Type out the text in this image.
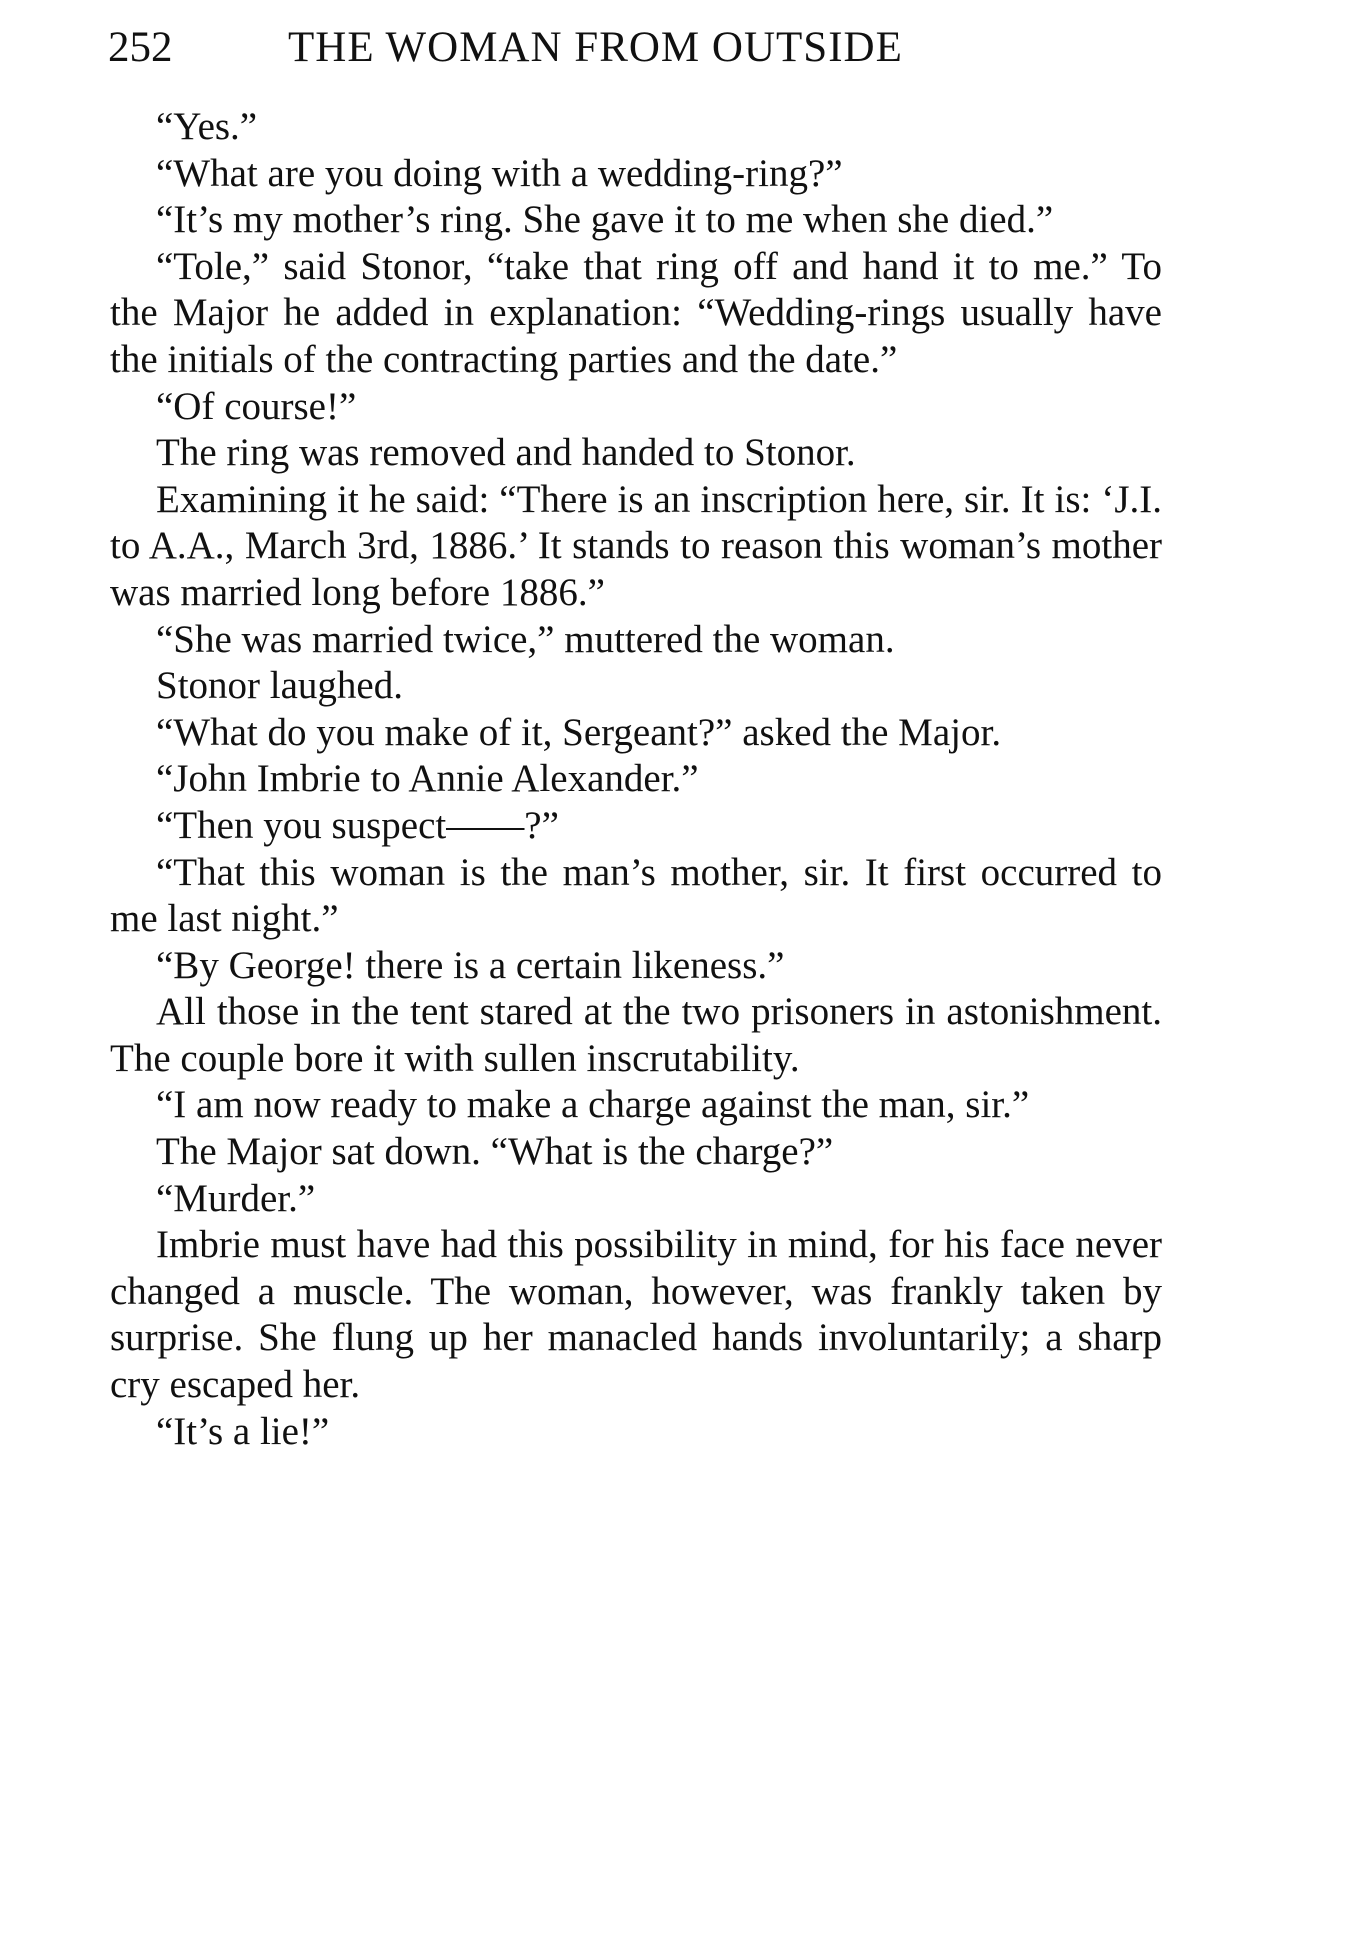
252	THE WOMAN FROM OUTSIDE

“Yes.”

“What are you doing with a wedding-ring?”

“It’s my mother’s ring. She gave it to me when she died.”

“Tole,” said Stonor, “take that ring off and hand it to me.” To the Major he added in explanation: “Wedding-rings usually have the initials of the contracting parties and the date.”

“Of course!”

The ring was removed and handed to Stonor.

Examining it he said: “There is an inscription here, sir. It is: ‘J.I. to A.A., March 3rd, 1886.’ It stands to reason this woman’s mother was married long before 1886.”

“She was married twice,” muttered the woman.

Stonor laughed.

“What do you make of it, Sergeant?” asked the Major.

“John Imbrie to Annie Alexander.”

“Then you suspect——?”

“That this woman is the man’s mother, sir. It first occurred to me last night.”

“By George! there is a certain likeness.”

All those in the tent stared at the two prisoners in astonishment. The couple bore it with sullen inscrutability.

“I am now ready to make a charge against the man, sir.”

The Major sat down. “What is the charge?”

“Murder.”

Imbrie must have had this possibility in mind, for his face never changed a muscle. The woman, however, was frankly taken by surprise. She flung up her manacled hands involuntarily; a sharp cry escaped her.

“It’s a lie!”
